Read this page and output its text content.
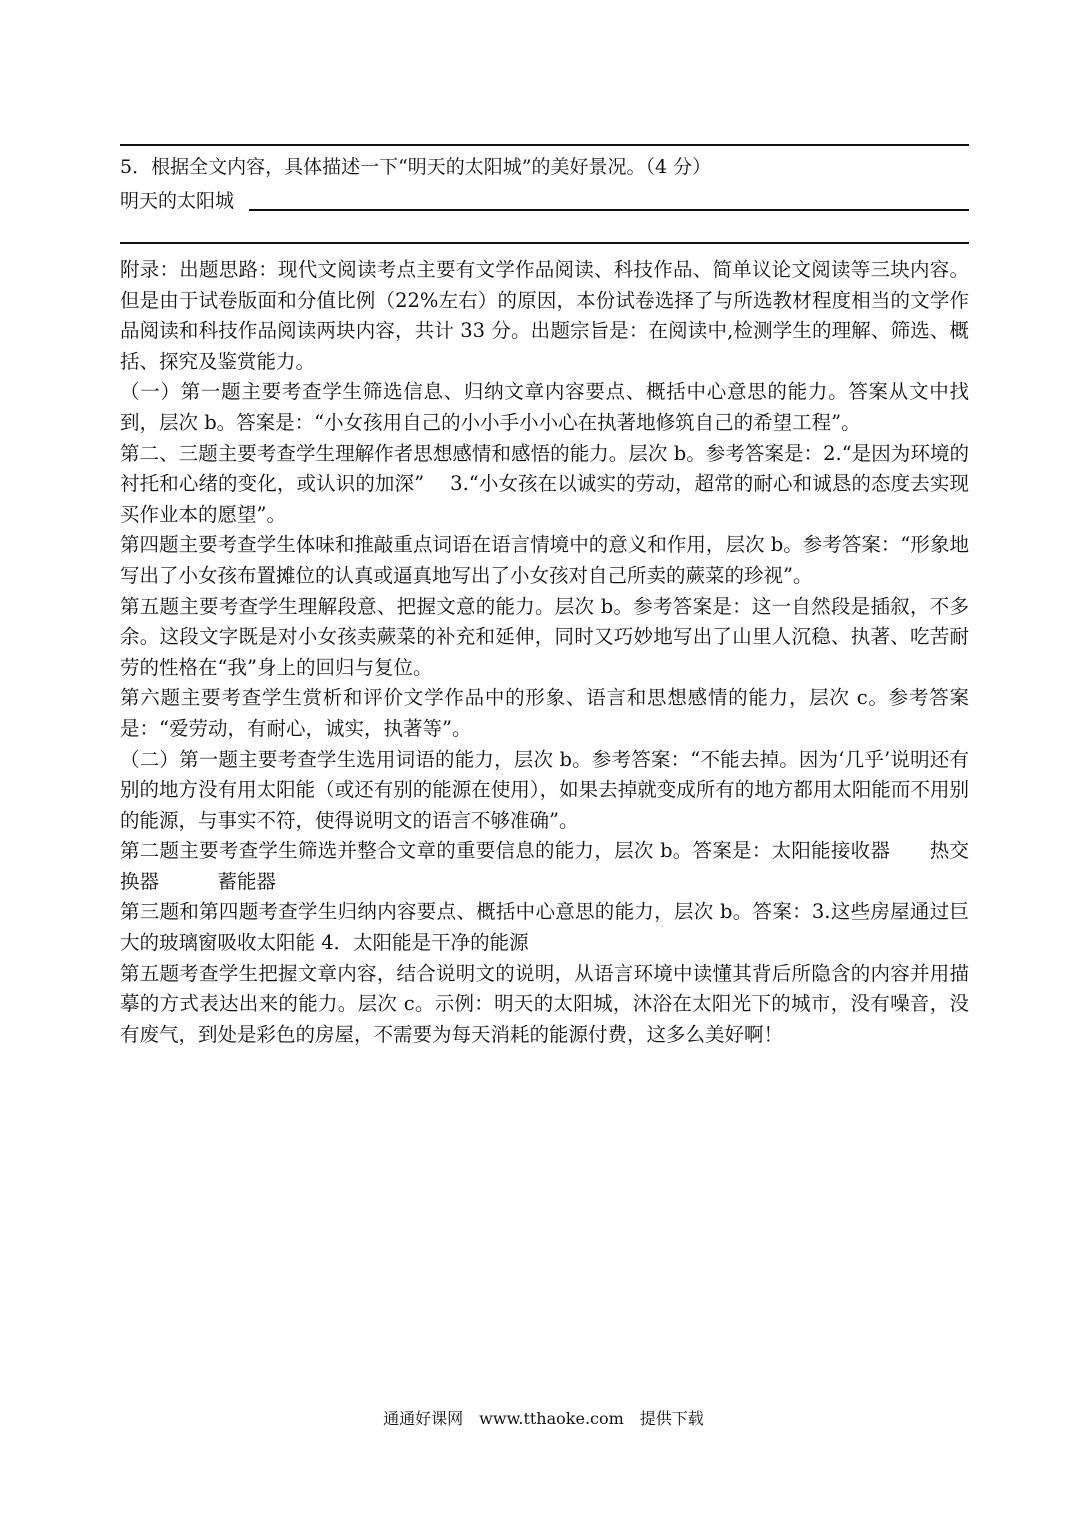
5．根据全文内容，具体描述一下“明天的太阳城”的美好景况。（4 分）
明天的太阳城

附录：出题思路：现代文阅读考点主要有文学作品阅读、科技作品、简单议论文阅读等三块内容。但是由于试卷版面和分值比例（22%左右）的原因，本份试卷选择了与所选教材程度相当的文学作品阅读和科技作品阅读两块内容，共计 33 分。出题宗旨是：在阅读中,检测学生的理解、筛选、概括、探究及鉴赏能力。

（一）第一题主要考查学生筛选信息、归纳文章内容要点、概括中心意思的能力。答案从文中找到，层次 b。答案是：“小女孩用自己的小小手小小心在执著地修筑自己的希望工程”。

第二、三题主要考查学生理解作者思想感情和感悟的能力。层次 b。参考答案是：2.“是因为环境的衬托和心绪的变化，或认识的加深”　 3.“小女孩在以诚实的劳动，超常的耐心和诚恳的态度去实现买作业本的愿望”。

第四题主要考查学生体味和推敲重点词语在语言情境中的意义和作用，层次 b。参考答案：“形象地写出了小女孩布置摊位的认真或逼真地写出了小女孩对自己所卖的蕨菜的珍视”。

第五题主要考查学生理解段意、把握文意的能力。层次 b。参考答案是：这一自然段是插叙，不多余。这段文字既是对小女孩卖蕨菜的补充和延伸，同时又巧妙地写出了山里人沉稳、执著、吃苦耐劳的性格在“我”身上的回归与复位。

第六题主要考查学生赏析和评价文学作品中的形象、语言和思想感情的能力，层次 c。参考答案是：“爱劳动，有耐心，诚实，执著等”。

（二）第一题主要考查学生选用词语的能力，层次 b。参考答案：“不能去掉。因为‘几乎’说明还有别的地方没有用太阳能（或还有别的能源在使用），如果去掉就变成所有的地方都用太阳能而不用别的能源，与事实不符，使得说明文的语言不够准确”。

第二题主要考查学生筛选并整合文章的重要信息的能力，层次 b。答案是：太阳能接收器　　热交换器　　　蓄能器

第三题和第四题考查学生归纳内容要点、概括中心意思的能力，层次 b。答案：3.这些房屋通过巨大的玻璃窗吸收太阳能 4．太阳能是干净的能源

第五题考查学生把握文章内容，结合说明文的说明，从语言环境中读懂其背后所隐含的内容并用描摹的方式表达出来的能力。层次 c。示例：明天的太阳城，沐浴在太阳光下的城市，没有噪音，没有废气，到处是彩色的房屋，不需要为每天消耗的能源付费，这多么美好啊！

通通好课网　www.tthaoke.com　提供下载
